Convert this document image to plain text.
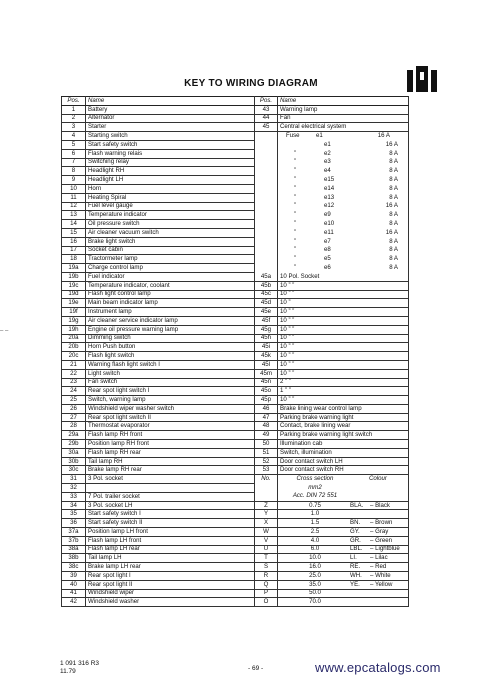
KEY TO WIRING DIAGRAM
Pos.	Name	Pos.	Name
1	Battery	43	Warning lamp
2	Alternator	44	Fan
3	Starter	45	Central electrical system
4	Starting switch		Fuse e1 16 A

5	Start safety switch		e1 16 A

6	Flash warning relais		” e2 8 A

7	Switching relay		” e3 8 A

8	Headlight RH		” e4 8 A

9	Headlight LH		” e15 8 A

10	Horn		” e14 8 A

11	Heating Spiral		” e13 8 A

12	Fuel level gauge		” e12 16 A

13	Temperature indicator		” e9 8 A

14	Oil pressure switch		” e10 8 A

15	Air cleaner vacuum switch		” e11 16 A

16	Brake light switch		” e7 8 A

17	Socket cabin		” e8 8 A

18	Tractormeter lamp		” e5 8 A

19a	Charge control lamp		” e6 8 A

19b	Fuel indicator	45a	10 Pol. Socket
19c	Temperature indicator, coolant	45b	10 ” ”
19d	Flash light control lamp	45c	10 ” ”
19e	Main beam indicator lamp	45d	10 ”
19f	Instrument lamp	45e	10 ” ”
19g	Air cleaner service indicator lamp	45f	10 ” ”
19h	Engine oil pressure warning lamp	45g	10 ” ”
20a	Dimming switch	45h	10 ” ”
20b	Horn Push button	45i	10 ” ”
20c	Flash light switch	45k	10 ” ”
21	Warning flash light switch I	45l	10 ” ”
22	Light switch	45m	10 ” ”
23	Fan switch	45n	2 ” ”
24	Rear spot light switch I	45o	1 ” ”
25	Switch, warning lamp	45p	10 ” ”
26	Windshield wiper washer switch	46	Brake lining wear control lamp
27	Rear spot light switch II	47	Parking brake warning light
28	Thermostat evaporator	48	Contact, brake lining wear
29a	Flash lamp RH front	49	Parking brake warning light switch
29b	Position lamp RH front	50	Illumination cab
30a	Flash lamp RH rear	51	Switch, illumination
30b	Tail lamp RH	52	Door contact switch LH
30c	Brake lamp RH rear	53	Door contact switch RH
31	3 Pol. socket	No.	Cross section Colour

32			mm2
33	7 Pol. trailer socket		Acc. DIN 72 551
34	3 Pol. socket LH	Z	0.75 BLA. – Black

35	Start safety switch I	Y	1.0

36	Start safety switch II	X	1.5 BN. – Brown

37a	Position lamp LH front	W	2.5 GY. – Gray

37b	Flash lamp LH front	V	4.0 GR. – Green

38a	Flash lamp LH rear	U	6.0 LBL. – Lightblue

38b	Tail lamp LH	T	10.0 LI. – Lilac

38c	Brake lamp LH rear	S	16.0 RE. – Red

39	Rear spot light I	R	25.0 WH. – White

40	Rear spot light II	Q	35.0 YE. – Yellow

41	Windshield wiper	P	50.0

42	Windshield washer	O	70.0
– –
1 091 316 R3
11.79	- 69 -	www.epcatalogs.com
